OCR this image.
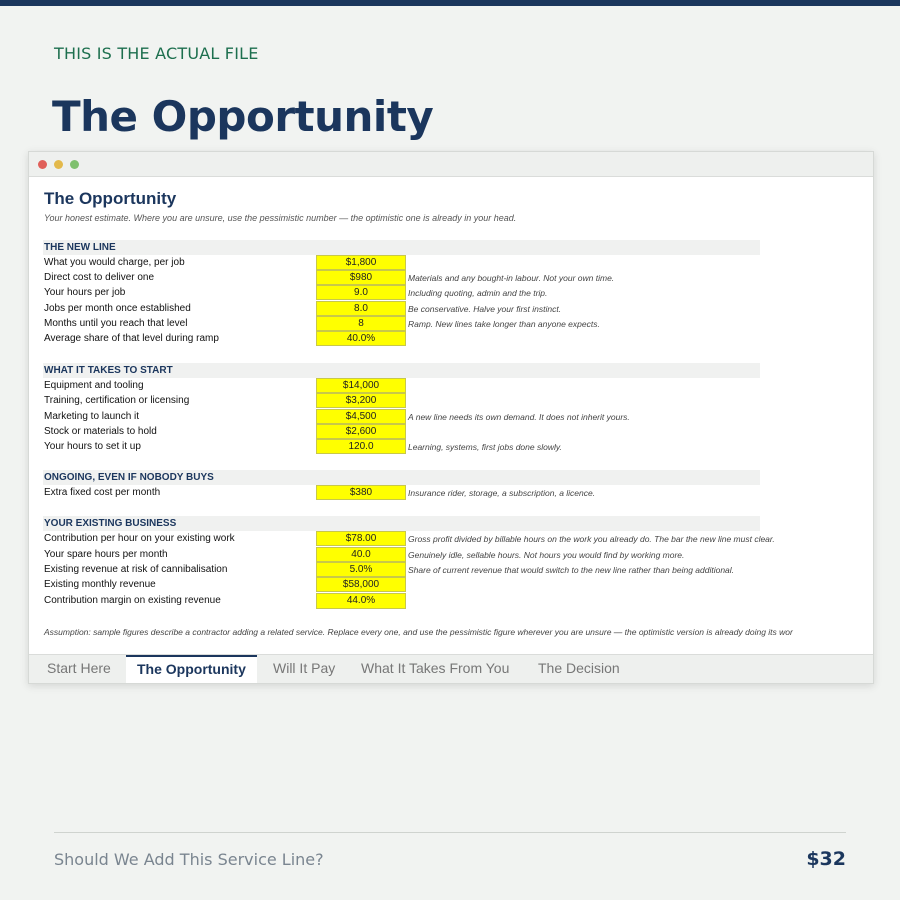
THIS IS THE ACTUAL FILE
The Opportunity
The Opportunity
Your honest estimate. Where you are unsure, use the pessimistic number — the optimistic one is already in your head.
THE NEW LINE
What you would charge, per job	$1,800
Direct cost to deliver one	$980	Materials and any bought-in labour. Not your own time.
Your hours per job	9.0	Including quoting, admin and the trip.
Jobs per month once established	8.0	Be conservative. Halve your first instinct.
Months until you reach that level	8	Ramp. New lines take longer than anyone expects.
Average share of that level during ramp	40.0%
WHAT IT TAKES TO START
Equipment and tooling	$14,000
Training, certification or licensing	$3,200
Marketing to launch it	$4,500	A new line needs its own demand. It does not inherit yours.
Stock or materials to hold	$2,600
Your hours to set it up	120.0	Learning, systems, first jobs done slowly.
ONGOING, EVEN IF NOBODY BUYS
Extra fixed cost per month	$380	Insurance rider, storage, a subscription, a licence.
YOUR EXISTING BUSINESS
Contribution per hour on your existing work	$78.00	Gross profit divided by billable hours on the work you already do. The bar the new line must clear.
Your spare hours per month	40.0	Genuinely idle, sellable hours. Not hours you would find by working more.
Existing revenue at risk of cannibalisation	5.0%	Share of current revenue that would switch to the new line rather than being additional.
Existing monthly revenue	$58,000
Contribution margin on existing revenue	44.0%
Assumption: sample figures describe a contractor adding a related service. Replace every one, and use the pessimistic figure wherever you are unsure — the optimistic version is already doing its wor
Start Here	The Opportunity	Will It Pay What It Takes From You The Decision
Should We Add This Service Line?	$32
